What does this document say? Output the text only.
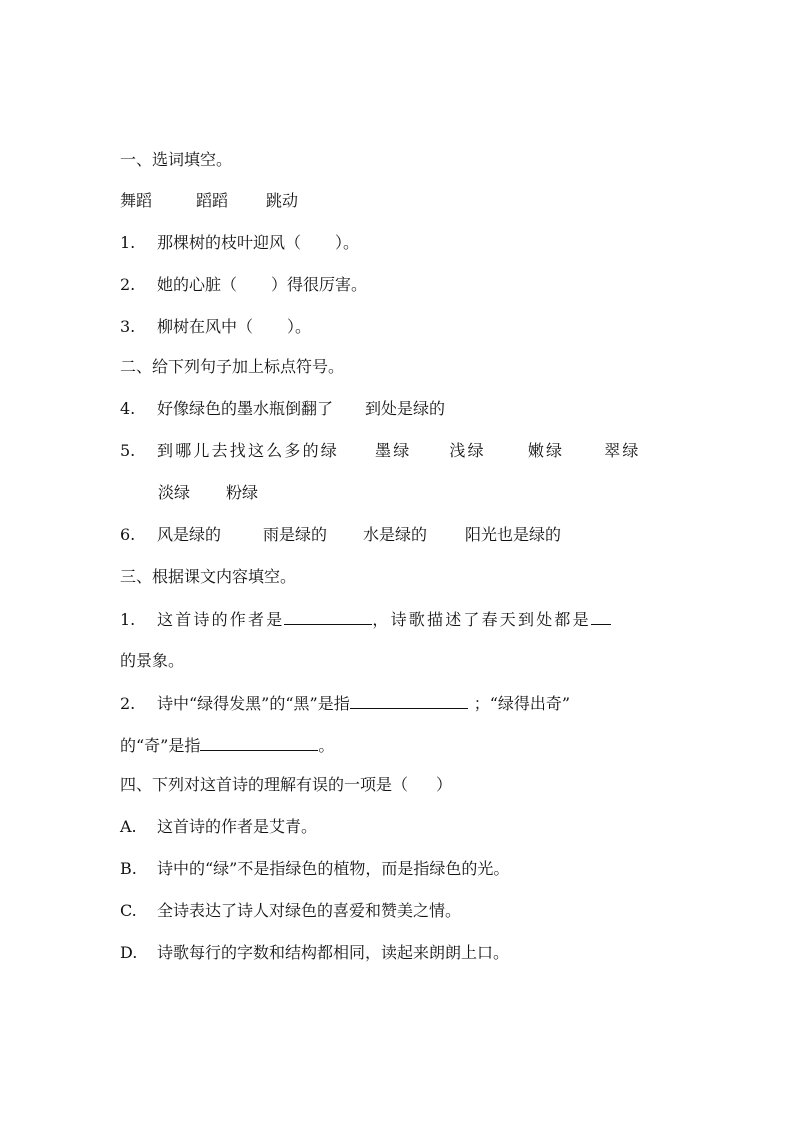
一、选词填空。
舞蹈	蹈蹈 跳动
1. 那棵树的枝叶迎风（ ）。
2. 她的心脏（ ）得很厉害。
3. 柳树在风中（ ）。
二、给下列句子加上标点符号。
4. 好像绿色的墨水瓶倒翻了 到处是绿的
5. 到哪儿去找这么多的绿 墨绿 浅绿	嫩绿	翠绿
淡绿 粉绿
6. 风是绿的	雨是绿的 水是绿的 阳光也是绿的
三、根据课文内容填空。
1. 这首诗的作者是	，诗歌描述了春天到处都是
的景象。
2. 诗中“绿得发黑”的“黑”是指	；“绿得出奇”
的“奇”是指	。
四、下列对这首诗的理解有误的一项是（ ）
A. 这首诗的作者是艾青。
B. 诗中的“绿”不是指绿色的植物，而是指绿色的光。
C. 全诗表达了诗人对绿色的喜爱和赞美之情。
D. 诗歌每行的字数和结构都相同，读起来朗朗上口。
